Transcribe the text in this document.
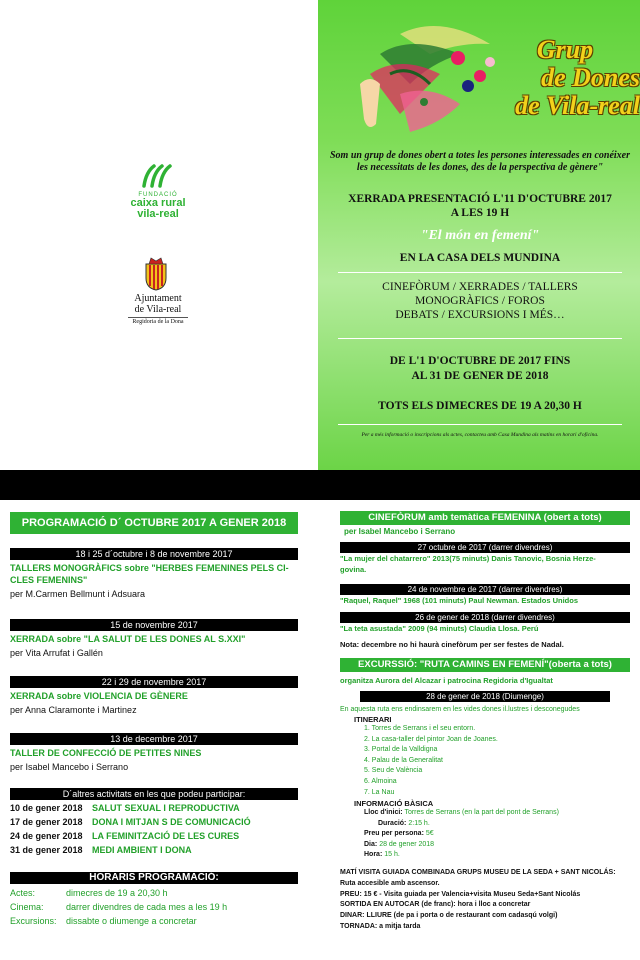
FUNDACIÓ
caixa rural
vila-real
Ajuntament
de Vila-real
Regidoria de la Dona
Grup
de Dones
de Vila-real
Som un grup de dones obert a totes les persones interessades en conéixer les necessitats de les dones, des de la perspectiva de gènere"
XERRADA PRESENTACIÓ L'11 D'OCTUBRE 2017
A LES 19 H
"El món en femení"
EN LA CASA DELS MUNDINA
CINEFÒRUM / XERRADES / TALLERS
MONOGRÀFICS / FOROS
DEBATS / EXCURSIONS I MÉS…
DE L'1 D'OCTUBRE DE 2017 FINS
AL 31 DE GENER DE 2018
TOTS ELS DIMECRES DE 19 A 20,30 H
Per a més informació o inscripcions als actes, contacteu amb Casa Mundina als matins en horari d'oficina.
PROGRAMACIÓ D´ OCTUBRE 2017 A GENER 2018
18 i 25 d´octubre i 8 de novembre 2017
TALLERS MONOGRÀFICS sobre "HERBES FEMENINES PELS CI-
CLES FEMENINS"
per M.Carmen Bellmunt i Adsuara
15 de novembre 2017
XERRADA sobre "LA SALUT DE LES DONES AL S.XXI"
per Vita Arrufat i Gallén
22 i 29 de novembre 2017
XERRADA sobre VIOLENCIA DE GÈNERE
per Anna Claramonte i Martinez
13 de decembre 2017
TALLER DE CONFECCIÓ DE PETITES NINES
per Isabel Mancebo i Serrano
D´altres activitats en les que podeu participar:
10 de gener 2018 SALUT SEXUAL I REPRODUCTIVA
17 de gener 2018 DONA I MITJAN S DE COMUNICACIÓ
24 de gener 2018 LA FEMINITZACIÓ DE LES CURES
31 de gener 2018 MEDI AMBIENT I DONA
HORARIS PROGRAMACIÓ:
Actes:	dimecres de 19 a 20,30 h
Cinema: darrer divendres de cada mes a les 19 h
Excursions: dissabte o diumenge a concretar
CINEFÒRUM amb temàtica FEMENINA (obert a tots)
per Isabel Mancebo i Serrano
27 octubre de 2017 (darrer divendres)
"La mujer del chatarrero" 2013(75 minuts) Danis Tanovic, Bosnia Herze-
govina.
24 de novembre de 2017 (darrer divendres)
"Raquel, Raquel" 1968 (101 minuts) Paul Newman. Estados Unidos
26 de gener de 2018 (darrer divendres)
"La teta asustada" 2009 (94 minuts) Claudia Llosa. Perú
Nota: decembre no hi haurà cinefòrum per ser festes de Nadal.
EXCURSSIÓ: "RUTA CAMINS EN FEMENÍ"(oberta a tots)
organitza Aurora del Alcazar i patrocina Regidoria d'Igualtat
28 de gener de 2018 (Diumenge)
En aquesta ruta ens endinsarem en les vides dones il.lustres i desconegudes
ITINERARI
1. Torres de Serrans i el seu entorn.
2. La casa-taller del pintor Joan de Joanes.
3. Portal de la Valldigna
4. Palau de la Generalitat
5. Seu de València
6. Almoina
7. La Nau
INFORMACIÓ BÀSICA
Lloc d'inici: Torres de Serrans (en la part del pont de Serrans)
Duració: 2:15 h.
Preu per persona: 5€
Dia: 28 de gener 2018
Hora: 15 h.
MATÍ VISITA GUIADA COMBINADA GRUPS MUSEU DE LA SEDA + SANT NICOLÁS:
Ruta accesible amb ascensor.
PREU: 15 € - Visita guiada per Valencia+visita Museu Seda+Sant Nicolás
SORTIDA EN AUTOCAR (de franc): hora i lloc a concretar
DINAR: LLIURE (de pa i porta o de restaurant com cadasqú volgi)
TORNADA: a mitja tarda
